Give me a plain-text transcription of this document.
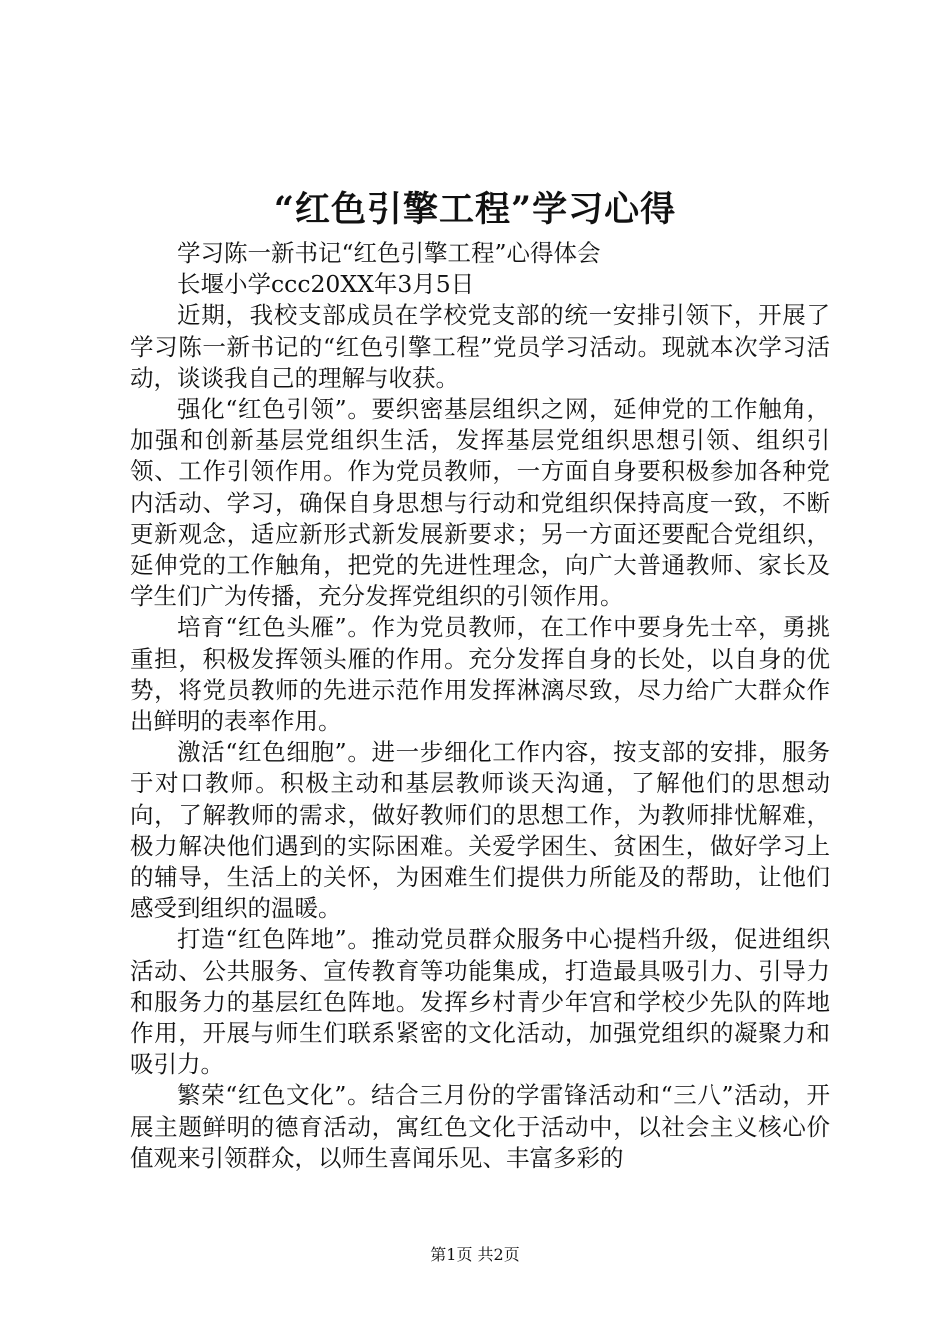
“红色引擎工程”学习心得

学习陈一新书记“红色引擎工程”心得体会

长堰小学ccc20XX年3月5日

近期，我校支部成员在学校党支部的统一安排引领下，开展了学习陈一新书记的“红色引擎工程”党员学习活动。现就本次学习活动，谈谈我自己的理解与收获。

强化“红色引领”。要织密基层组织之网，延伸党的工作触角，加强和创新基层党组织生活，发挥基层党组织思想引领、组织引领、工作引领作用。作为党员教师，一方面自身要积极参加各种党内活动、学习，确保自身思想与行动和党组织保持高度一致，不断更新观念，适应新形式新发展新要求；另一方面还要配合党组织，延伸党的工作触角，把党的先进性理念，向广大普通教师、家长及学生们广为传播，充分发挥党组织的引领作用。

培育“红色头雁”。作为党员教师，在工作中要身先士卒，勇挑重担，积极发挥领头雁的作用。充分发挥自身的长处，以自身的优势，将党员教师的先进示范作用发挥淋漓尽致，尽力给广大群众作出鲜明的表率作用。

激活“红色细胞”。进一步细化工作内容，按支部的安排，服务于对口教师。积极主动和基层教师谈天沟通，了解他们的思想动向，了解教师的需求，做好教师们的思想工作，为教师排忧解难，极力解决他们遇到的实际困难。关爱学困生、贫困生，做好学习上的辅导，生活上的关怀，为困难生们提供力所能及的帮助，让他们感受到组织的温暖。

打造“红色阵地”。推动党员群众服务中心提档升级，促进组织活动、公共服务、宣传教育等功能集成，打造最具吸引力、引导力和服务力的基层红色阵地。发挥乡村青少年宫和学校少先队的阵地作用，开展与师生们联系紧密的文化活动，加强党组织的凝聚力和吸引力。

繁荣“红色文化”。结合三月份的学雷锋活动和“三八”活动，开展主题鲜明的德育活动，寓红色文化于活动中，以社会主义核心价值观来引领群众，以师生喜闻乐见、丰富多彩的

第1页 共2页
